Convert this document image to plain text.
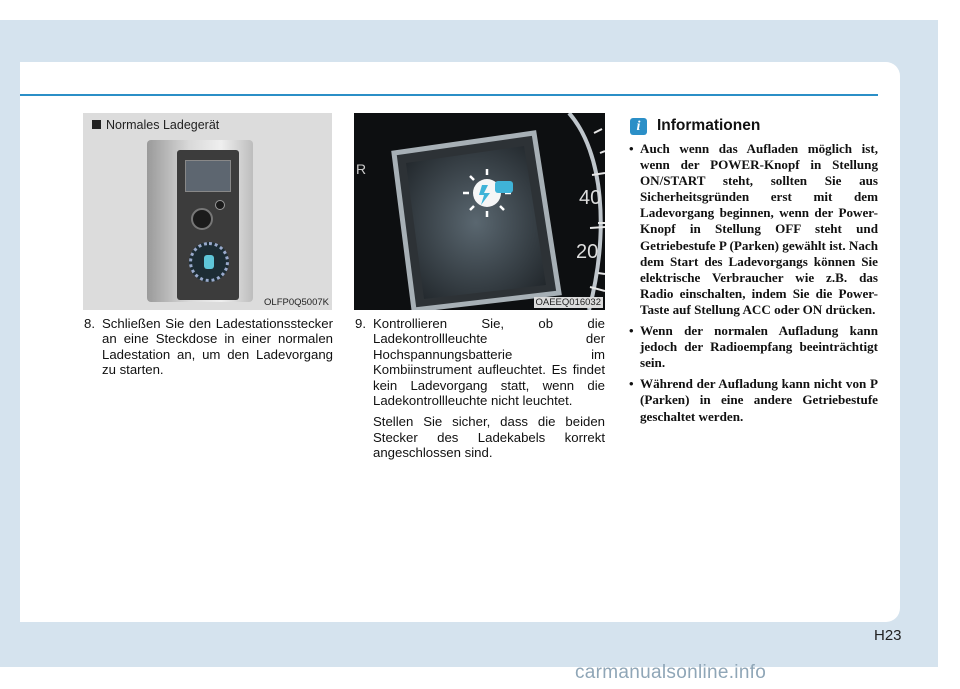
Normales Ladegerät
OLFP0Q5007K
R
40
20
OAEEQ016032
8. Schließen Sie den Ladestationsstecker an eine Steckdose in einer normalen Ladestation an, um den Ladevorgang zu starten.
9. Kontrollieren Sie, ob die Ladekontrollleuchte der Hochspannungsbatterie im Kombiinstrument aufleuchtet. Es findet kein Ladevorgang statt, wenn die Ladekontrollleuchte nicht leuchtet.
Stellen Sie sicher, dass die beiden Stecker des Ladekabels korrekt angeschlossen sind.
i	Informationen
• Auch wenn das Aufladen möglich ist, wenn der POWER-Knopf in Stellung ON/START steht, sollten Sie aus Sicherheitsgründen erst mit dem Ladevorgang beginnen, wenn der Power-Knopf in Stellung OFF steht und Getriebestufe P (Parken) gewählt ist. Nach dem Start des Ladevorgangs können Sie elektrische Verbraucher wie z.B. das Radio einschalten, indem Sie die Power-Taste auf Stellung ACC oder ON drücken.
• Wenn der normalen Aufladung kann jedoch der Radioempfang beeinträchtigt sein.
• Während der Aufladung kann nicht von P (Parken) in eine andere Getriebestufe geschaltet werden.
H23
carmanualsonline.info
